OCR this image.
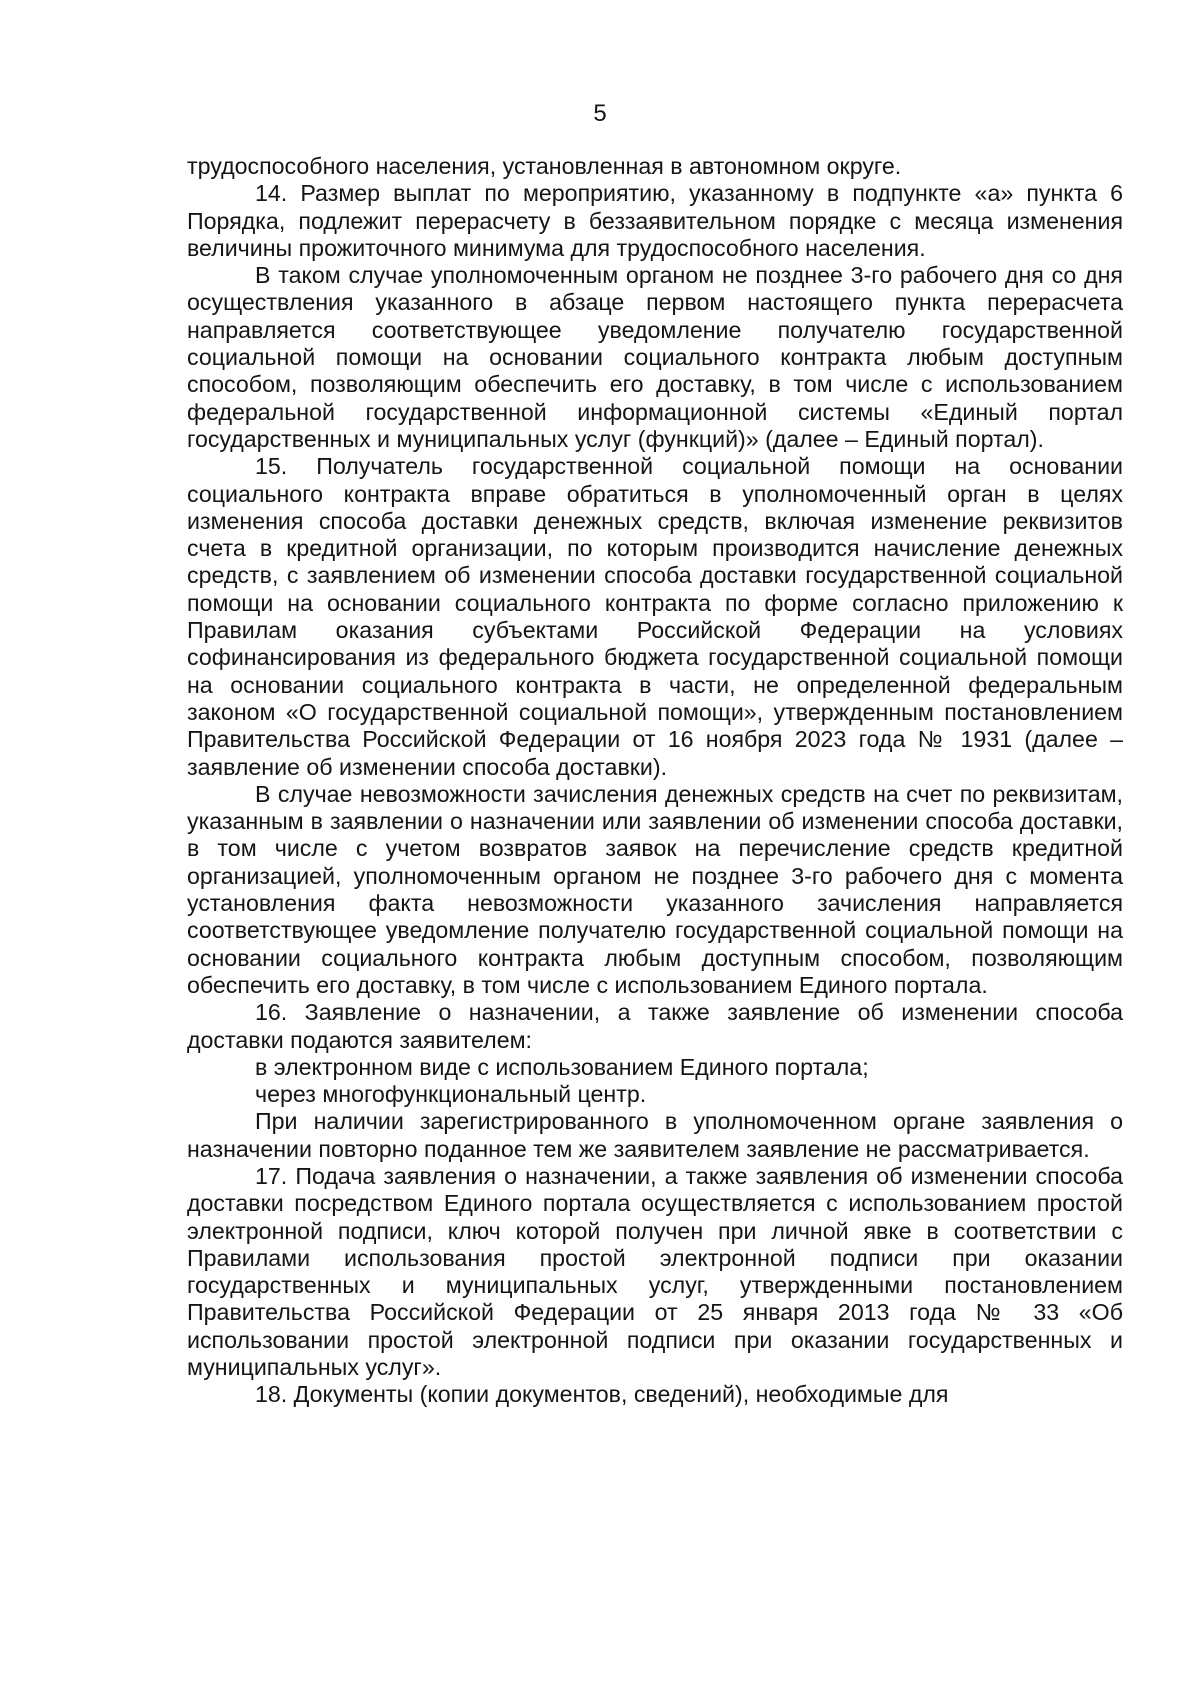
5

трудоспособного населения, установленная в автономном округе.

14. Размер выплат по мероприятию, указанному в подпункте «а» пункта 6 Порядка, подлежит перерасчету в беззаявительном порядке с месяца изменения величины прожиточного минимума для трудоспособного населения.

В таком случае уполномоченным органом не позднее 3-го рабочего дня со дня осуществления указанного в абзаце первом настоящего пункта перерасчета направляется соответствующее уведомление получателю государственной социальной помощи на основании социального контракта любым доступным способом, позволяющим обеспечить его доставку, в том числе с использованием федеральной государственной информационной системы «Единый портал государственных и муниципальных услуг (функций)» (далее – Единый портал).

15. Получатель государственной социальной помощи на основании социального контракта вправе обратиться в уполномоченный орган в целях изменения способа доставки денежных средств, включая изменение реквизитов счета в кредитной организации, по которым производится начисление денежных средств, с заявлением об изменении способа доставки государственной социальной помощи на основании социального контракта по форме согласно приложению к Правилам оказания субъектами Российской Федерации на условиях софинансирования из федерального бюджета государственной социальной помощи на основании социального контракта в части, не определенной федеральным законом «О государственной социальной помощи», утвержденным постановлением Правительства Российской Федерации от 16 ноября 2023 года № 1931 (далее – заявление об изменении способа доставки).

В случае невозможности зачисления денежных средств на счет по реквизитам, указанным в заявлении о назначении или заявлении об изменении способа доставки, в том числе с учетом возвратов заявок на перечисление средств кредитной организацией, уполномоченным органом не позднее 3-го рабочего дня с момента установления факта невозможности указанного зачисления направляется соответствующее уведомление получателю государственной социальной помощи на основании социального контракта любым доступным способом, позволяющим обеспечить его доставку, в том числе с использованием Единого портала.

16. Заявление о назначении, а также заявление об изменении способа доставки подаются заявителем:

в электронном виде с использованием Единого портала;

через многофункциональный центр.

При наличии зарегистрированного в уполномоченном органе заявления о назначении повторно поданное тем же заявителем заявление не рассматривается.

17. Подача заявления о назначении, а также заявления об изменении способа доставки посредством Единого портала осуществляется с использованием простой электронной подписи, ключ которой получен при личной явке в соответствии с Правилами использования простой электронной подписи при оказании государственных и муниципальных услуг, утвержденными постановлением Правительства Российской Федерации от 25 января 2013 года № 33 «Об использовании простой электронной подписи при оказании государственных и муниципальных услуг».

18. Документы (копии документов, сведений), необходимые для
